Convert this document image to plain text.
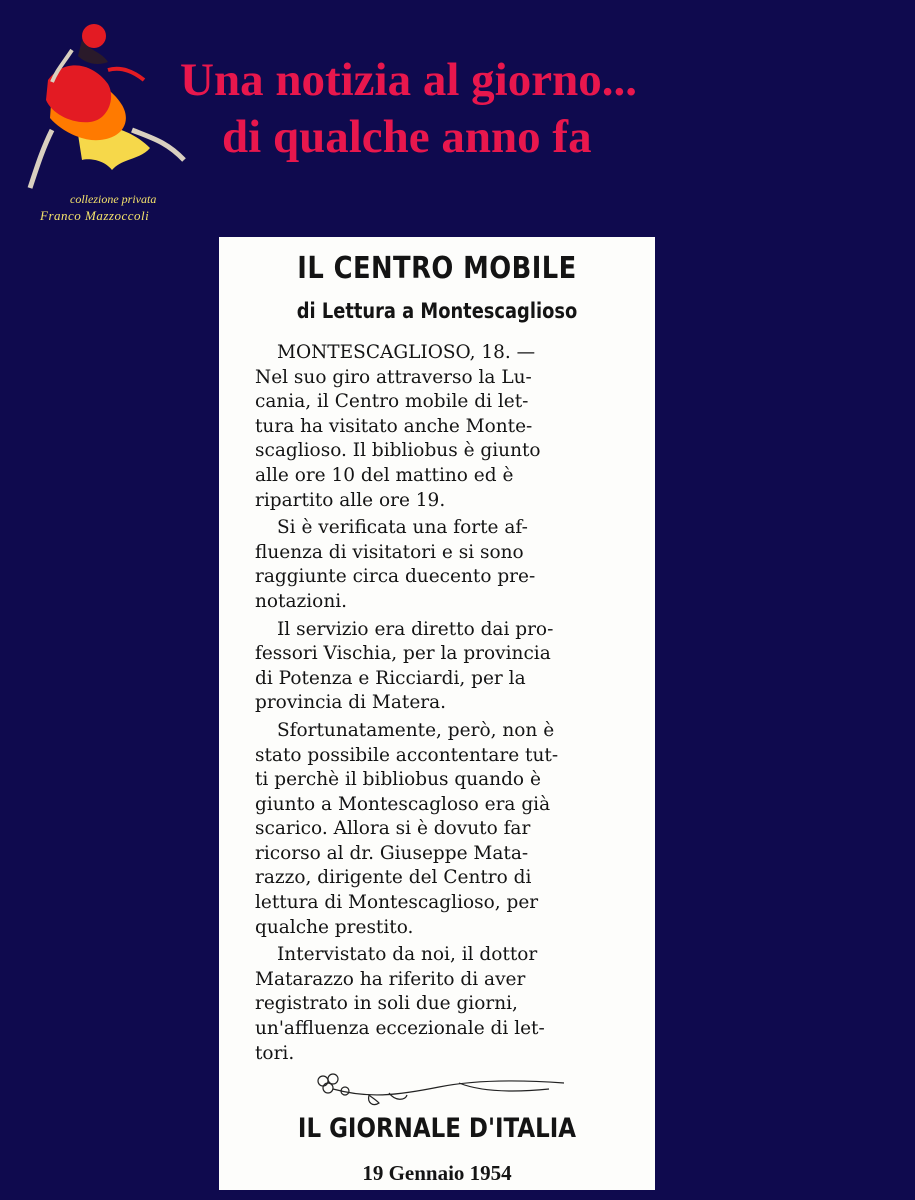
collezione privata
Franco Mazzoccoli
Una notizia al giorno...
di qualche anno fa
IL CENTRO MOBILE
di Lettura a Montescaglioso
MONTESCAGLIOSO, 18. —
Nel suo giro attraverso la Lu-
cania, il Centro mobile di let-
tura ha visitato anche Monte-
scaglioso. Il bibliobus è giunto
alle ore 10 del mattino ed è
ripartito alle ore 19.
Si è verificata una forte af-
fluenza di visitatori e si sono
raggiunte circa duecento pre-
notazioni.
Il servizio era diretto dai pro-
fessori Vischia, per la provincia
di Potenza e Ricciardi, per la
provincia di Matera.
Sfortunatamente, però, non è
stato possibile accontentare tut-
ti perchè il bibliobus quando è
giunto a Montescagloso era già
scarico. Allora si è dovuto far
ricorso al dr. Giuseppe Mata-
razzo, dirigente del Centro di
lettura di Montescaglioso, per
qualche prestito.
Intervistato da noi, il dottor
Matarazzo ha riferito di aver
registrato in soli due giorni,
un'affluenza eccezionale di let-
tori.
IL GIORNALE D'ITALIA
19 Gennaio 1954
